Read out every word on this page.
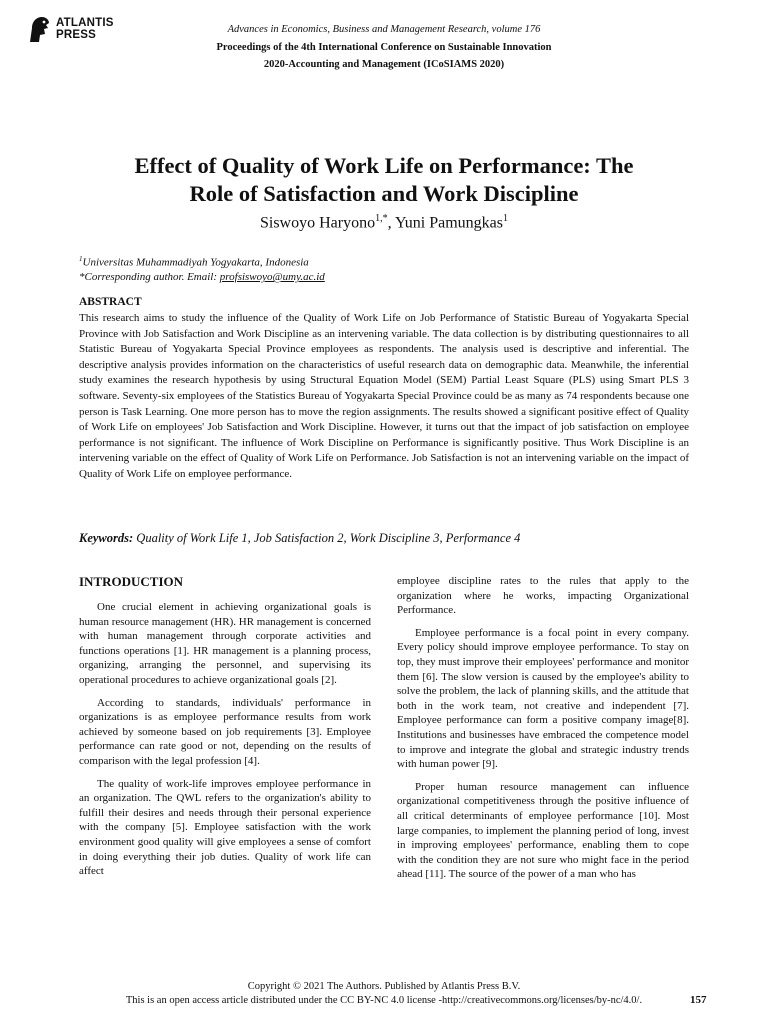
ATLANTIS
PRESS	Advances in Economics, Business and Management Research, volume 176
Proceedings of the 4th International Conference on Sustainable Innovation
2020-Accounting and Management (ICoSIAMS 2020)
Effect of Quality of Work Life on Performance: The
Role of Satisfaction and Work Discipline
Siswoyo Haryono$^{1,*}$, Yuni Pamungkas$^1$
$^1$Universitas Muhammadiyah Yogyakarta, Indonesia
*Corresponding author. Email: profsiswoyo@umy.ac.id
ABSTRACT

This research aims to study the influence of the Quality of Work Life on Job Performance of Statistic Bureau of Yogyakarta Special Province with Job Satisfaction and Work Discipline as an intervening variable. The data collection is by distributing questionnaires to all Statistic Bureau of Yogyakarta Special Province employees as respondents. The analysis used is descriptive and inferential. The descriptive analysis provides information on the characteristics of useful research data on demographic data. Meanwhile, the inferential study examines the research hypothesis by using Structural Equation Model (SEM) Partial Least Square (PLS) using Smart PLS 3 software. Seventy-six employees of the Statistics Bureau of Yogyakarta Special Province could be as many as 74 respondents because one person is Task Learning. One more person has to move the region assignments. The results showed a significant positive effect of Quality of Work Life on employees' Job Satisfaction and Work Discipline. However, it turns out that the impact of job satisfaction on employee performance is not significant. The influence of Work Discipline on Performance is significantly positive. Thus Work Discipline is an intervening variable on the effect of Quality of Work Life on Performance. Job Satisfaction is not an intervening variable on the impact of Quality of Work Life on employee performance.

Keywords: Quality of Work Life 1, Job Satisfaction 2, Work Discipline 3, Performance 4
INTRODUCTION

One crucial element in achieving organizational goals is human resource management (HR). HR management is concerned with human management through corporate activities and functions operations [1]. HR management is a planning process, organizing, arranging the personnel, and supervising its operational procedures to achieve organizational goals [2].

According to standards, individuals' performance in organizations is as employee performance results from work achieved by someone based on job requirements [3]. Employee performance can rate good or not, depending on the results of comparison with the legal profession [4].

The quality of work-life improves employee performance in an organization. The QWL refers to the organization's ability to fulfill their desires and needs through their personal experience with the company [5]. Employee satisfaction with the work environment good quality will give employees a sense of comfort in doing everything their job duties. Quality of work life can affect

employee discipline rates to the rules that apply to the organization where he works, impacting Organizational Performance.

Employee performance is a focal point in every company. Every policy should improve employee performance. To stay on top, they must improve their employees' performance and monitor them [6]. The slow version is caused by the employee's ability to solve the problem, the lack of planning skills, and the attitude that both in the work team, not creative and independent [7]. Employee performance can form a positive company image[8]. Institutions and businesses have embraced the competence model to improve and integrate the global and strategic industry trends with human power [9].

Proper human resource management can influence organizational competitiveness through the positive influence of all critical determinants of employee performance [10]. Most large companies, to implement the planning period of long, invest in improving employees' performance, enabling them to cope with the condition they are not sure who might face in the period ahead [11]. The source of the power of a man who has

Copyright © 2021 The Authors. Published by Atlantis Press B.V.
This is an open access article distributed under the CC BY-NC 4.0 license -http://creativecommons.org/licenses/by-nc/4.0/.	157
